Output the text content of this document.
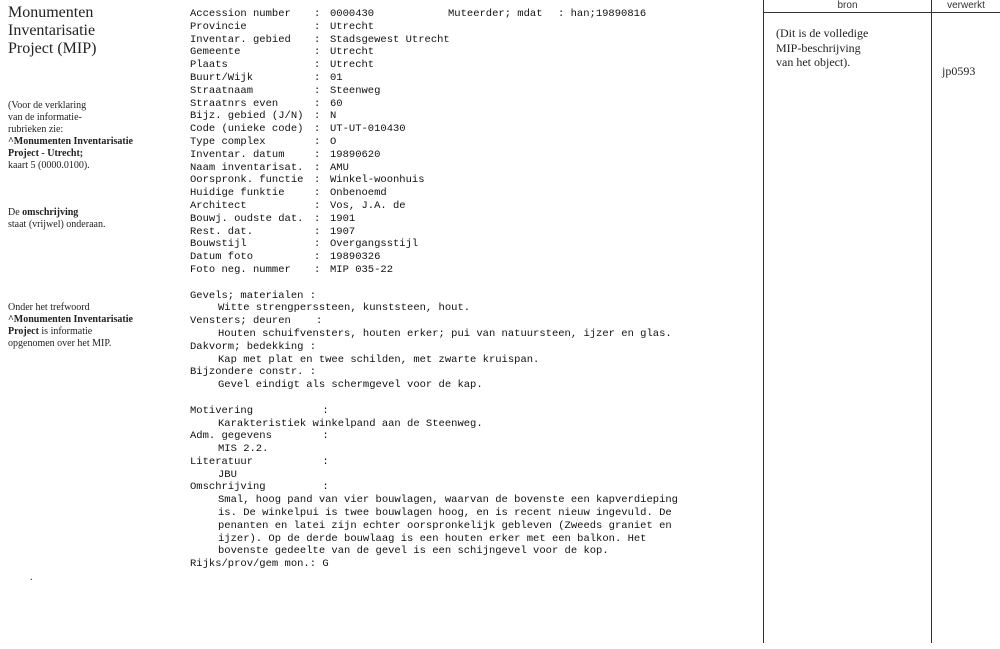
Monumenten
Inventarisatie
Project (MIP)
(Voor de verklaring
van de informatie-
rubrieken zie:
^Monumenten Inventarisatie
Project - Utrecht;
kaart 5 (0000.0100).
De omschrijving
staat (vrijwel) onderaan.
Onder het trefwoord
^Monumenten Inventarisatie
Project is informatie
opgenomen over het MIP.
.
Accession number : 0000430	Muteerder; mdat : han;19890816
Provincie	: Utrecht
Inventar. gebied : Stadsgewest Utrecht
Gemeente	: Utrecht
Plaats	: Utrecht
Buurt/Wijk	: 01
Straatnaam	: Steenweg
Straatnrs even	: 60
Bijz. gebied (J/N) : N
Code (unieke code) : UT-UT-010430
Type complex	: O
Inventar. datum	: 19890620
Naam inventarisat. : AMU
Oorspronk. functie : Winkel-woonhuis
Huidige funktie	: Onbenoemd
Architect	: Vos, J.A. de
Bouwj. oudste dat. : 1901
Rest. dat.	: 1907
Bouwstijl	: Overgangsstijl
Datum foto	: 19890326
Foto neg. nummer : MIP 035-22
Gevels; materialen :
Witte strengperssteen, kunststeen, hout.
Vensters; deuren    :
Houten schuifvensters, houten erker; pui van natuursteen, ijzer en glas.
Dakvorm; bedekking :
Kap met plat en twee schilden, met zwarte kruispan.
Bijzondere constr. :
Gevel eindigt als schermgevel voor de kap.
Motivering           :
Karakteristiek winkelpand aan de Steenweg.
Adm. gegevens        :
MIS 2.2.
Literatuur           :
JBU
Omschrijving         :
Smal, hoog pand van vier bouwlagen, waarvan de bovenste een kapverdieping
is. De winkelpui is twee bouwlagen hoog, en is recent nieuw ingevuld. De
penanten en latei zijn echter oorspronkelijk gebleven (Zweeds graniet en
ijzer). Op de derde bouwlaag is een houten erker met een balkon. Het
bovenste gedeelte van de gevel is een schijngevel voor de kop.
Rijks/prov/gem mon.: G
bron	verwerkt
(Dit is de volledige
MIP-beschrijving
van het object).
jp0593
